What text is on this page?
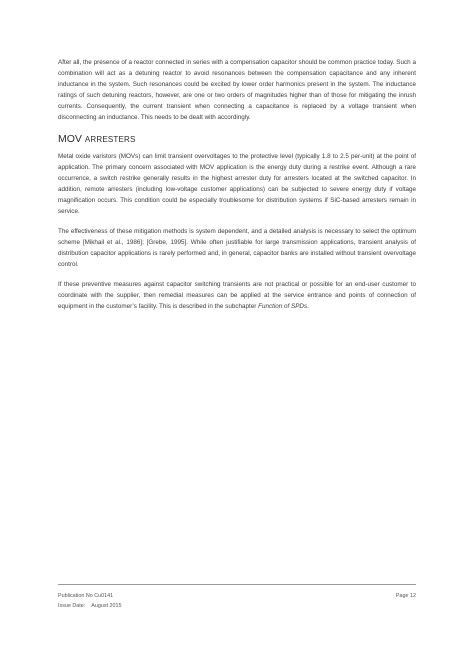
After all, the presence of a reactor connected in series with a compensation capacitor should be common practice today. Such a combination will act as a detuning reactor to avoid resonances between the compensation capacitance and any inherent inductance in the system. Such resonances could be excited by lower order harmonics present in the system. The inductance ratings of such detuning reactors, however, are one or two orders of magnitudes higher than of those for mitigating the inrush currents. Consequently, the current transient when connecting a capacitance is replaced by a voltage transient when disconnecting an inductance. This needs to be dealt with accordingly.

MOV ARRESTERS

Metal oxide varistors (MOVs) can limit transient overvoltages to the protective level (typically 1.8 to 2.5 per-unit) at the point of application. The primary concern associated with MOV application is the energy duty during a restrike event. Although a rare occurrence, a switch restrike generally results in the highest arrester duty for arresters located at the switched capacitor. In addition, remote arresters (including low-voltage customer applications) can be subjected to severe energy duty if voltage magnification occurs. This condition could be especially troublesome for distribution systems if SiC-based arresters remain in service.

The effectiveness of these mitigation methods is system dependent, and a detailed analysis is necessary to select the optimum scheme [Mikhail et al., 1986]; [Grebe, 1995]. While often justifiable for large transmission applications, transient analysis of distribution capacitor applications is rarely performed and, in general, capacitor banks are installed without transient overvoltage control.

If these preventive measures against capacitor switching transients are not practical or possible for an end-user customer to coordinate with the supplier, then remedial measures can be applied at the service entrance and points of connection of equipment in the customer’s facility. This is described in the subchapter Function of SPDs.

Publication No Cu0141	Page 12
Issue Date: August 2015
